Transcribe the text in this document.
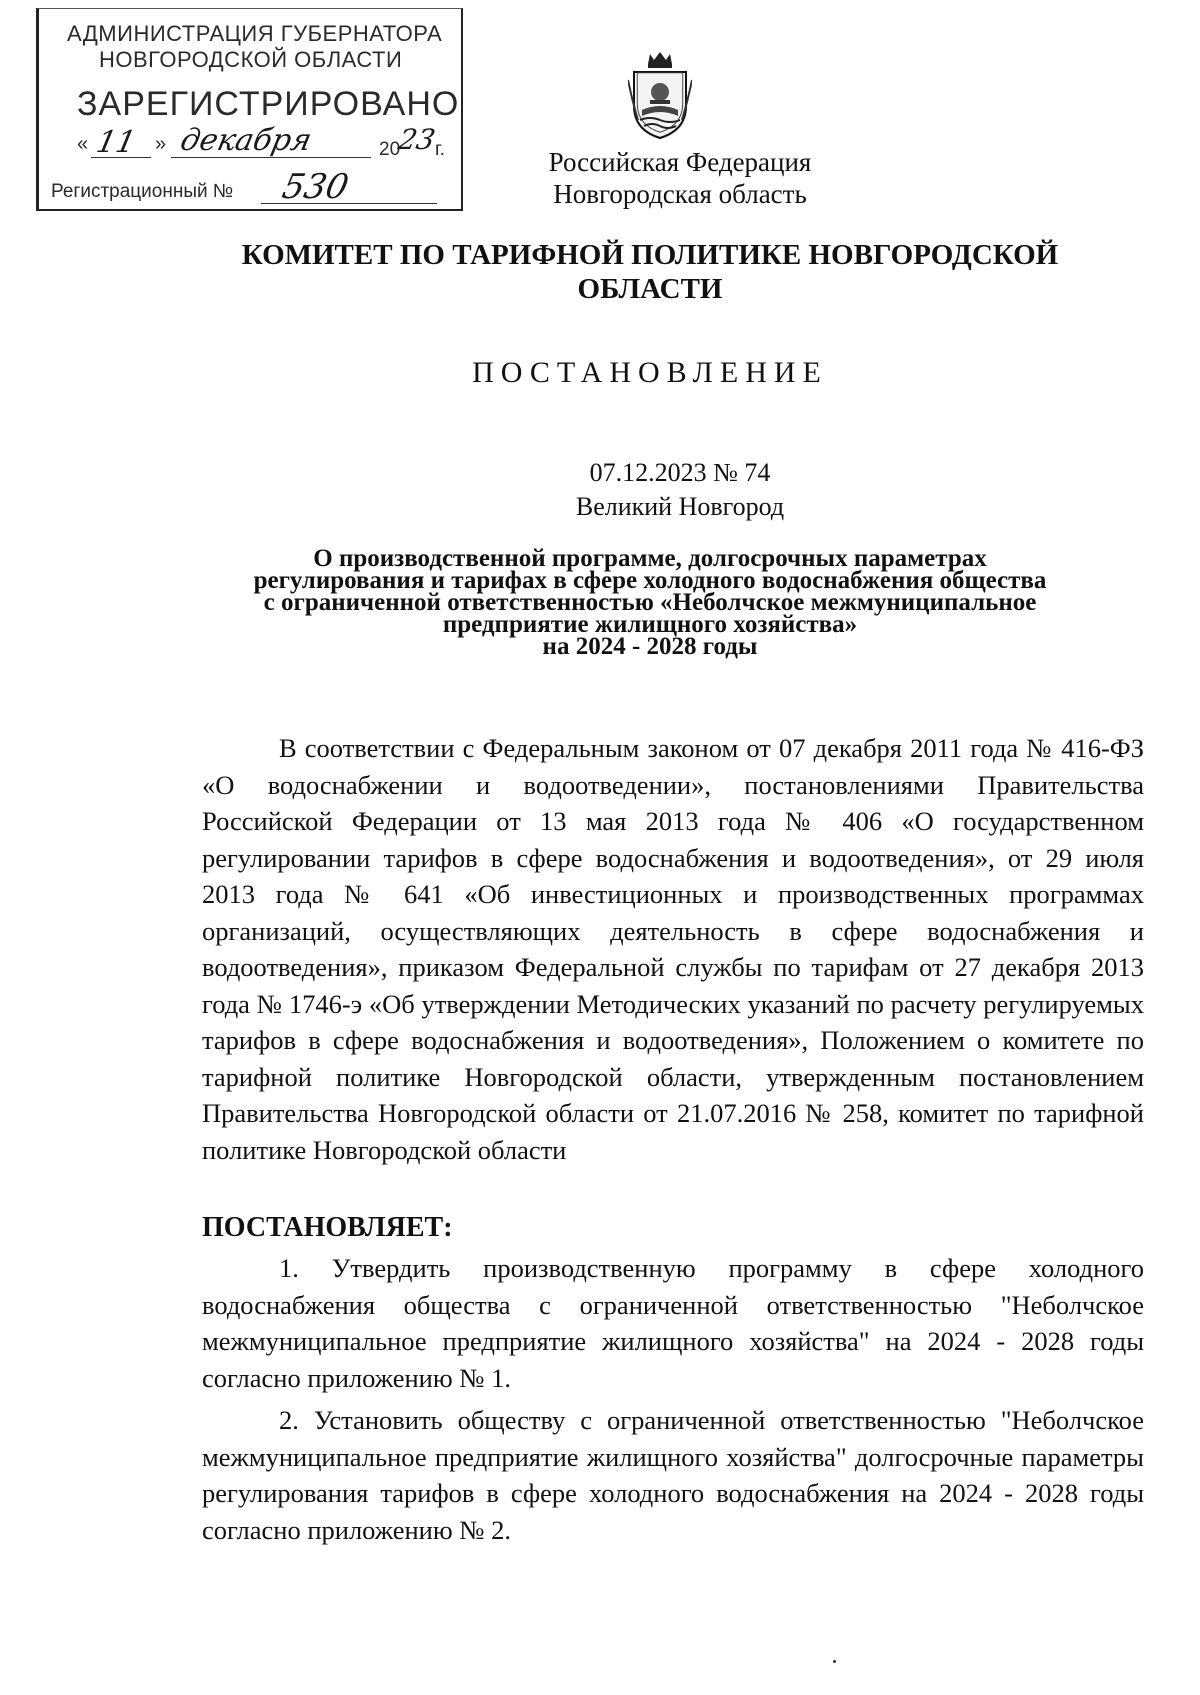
АДМИНИСТРАЦИЯ ГУБЕРНАТОРА
НОВГОРОДСКОЙ ОБЛАСТИ
ЗАРЕГИСТРИРОВАНО
« 11 » декабря	20
23
г.
Регистрационный № 530
Российская Федерация
Новгородская область
КОМИТЕТ ПО ТАРИФНОЙ ПОЛИТИКЕ НОВГОРОДСКОЙ ОБЛАСТИ
ПОСТАНОВЛЕНИЕ
07.12.2023 № 74
Великий Новгород
О производственной программе, долгосрочных параметрах
регулирования и тарифах в сфере холодного водоснабжения общества
с ограниченной ответственностью «Неболчское межмуниципальное
предприятие жилищного хозяйства»
на 2024 - 2028 годы
В соответствии с Федеральным законом от 07 декабря 2011 года № 416-ФЗ «О водоснабжении и водоотведении», постановлениями Правительства Российской Федерации от 13 мая 2013 года № 406 «О государственном регулировании тарифов в сфере водоснабжения и водоотведения», от 29 июля 2013 года № 641 «Об инвестиционных и производственных программах организаций, осуществляющих деятельность в сфере водоснабжения и водоотведения», приказом Федеральной службы по тарифам от 27 декабря 2013 года № 1746-э «Об утверждении Методических указаний по расчету регулируемых тарифов в сфере водоснабжения и водоотведения», Положением о комитете по тарифной политике Новгородской области, утвержденным постановлением Правительства Новгородской области от 21.07.2016 № 258, комитет по тарифной политике Новгородской области
ПОСТАНОВЛЯЕТ:
1. Утвердить производственную программу в сфере холодного водоснабжения общества с ограниченной ответственностью "Неболчское межмуниципальное предприятие жилищного хозяйства" на 2024 - 2028 годы согласно приложению № 1.
2. Установить обществу с ограниченной ответственностью "Неболчское межмуниципальное предприятие жилищного хозяйства" долгосрочные параметры регулирования тарифов в сфере холодного водоснабжения на 2024 - 2028 годы согласно приложению № 2.
